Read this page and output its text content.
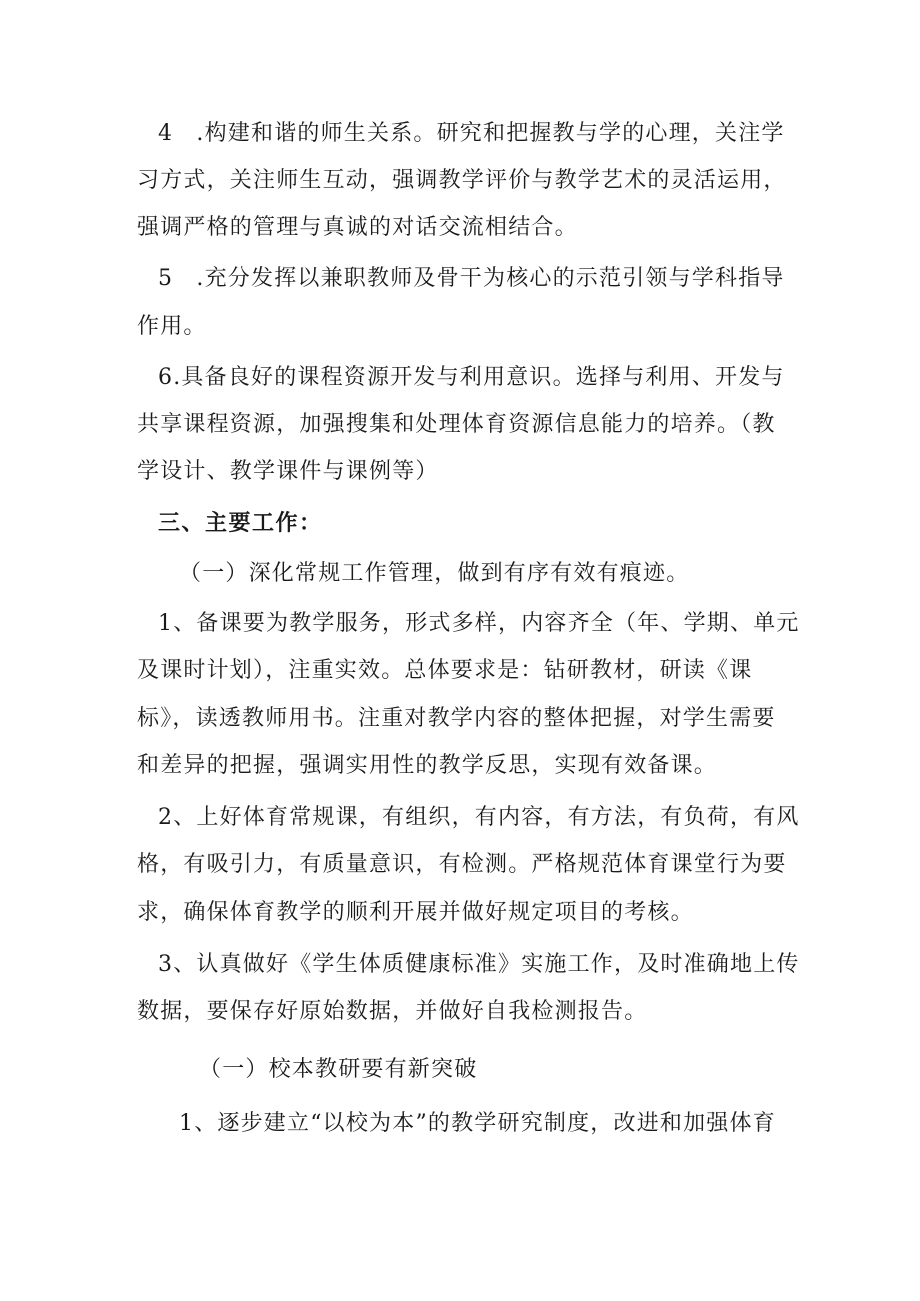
4　.构建和谐的师生关系。研究和把握教与学的心理，关注学
习方式，关注师生互动，强调教学评价与教学艺术的灵活运用，
强调严格的管理与真诚的对话交流相结合。
5　.充分发挥以兼职教师及骨干为核心的示范引领与学科指导
作用。
6.具备良好的课程资源开发与利用意识。选择与利用、开发与
共享课程资源，加强搜集和处理体育资源信息能力的培养。（教
学设计、教学课件与课例等）
三、主要工作：
（一）深化常规工作管理，做到有序有效有痕迹。
1、备课要为教学服务，形式多样，内容齐全（年、学期、单元
及课时计划），注重实效。总体要求是：钻研教材，研读《课
标》，读透教师用书。注重对教学内容的整体把握，对学生需要
和差异的把握，强调实用性的教学反思，实现有效备课。
2、上好体育常规课，有组织，有内容，有方法，有负荷，有风
格，有吸引力，有质量意识，有检测。严格规范体育课堂行为要
求，确保体育教学的顺利开展并做好规定项目的考核。
3、认真做好《学生体质健康标准》实施工作，及时准确地上传
数据，要保存好原始数据，并做好自我检测报告。
（一）校本教研要有新突破
1、逐步建立“以校为本”的教学研究制度，改进和加强体育
